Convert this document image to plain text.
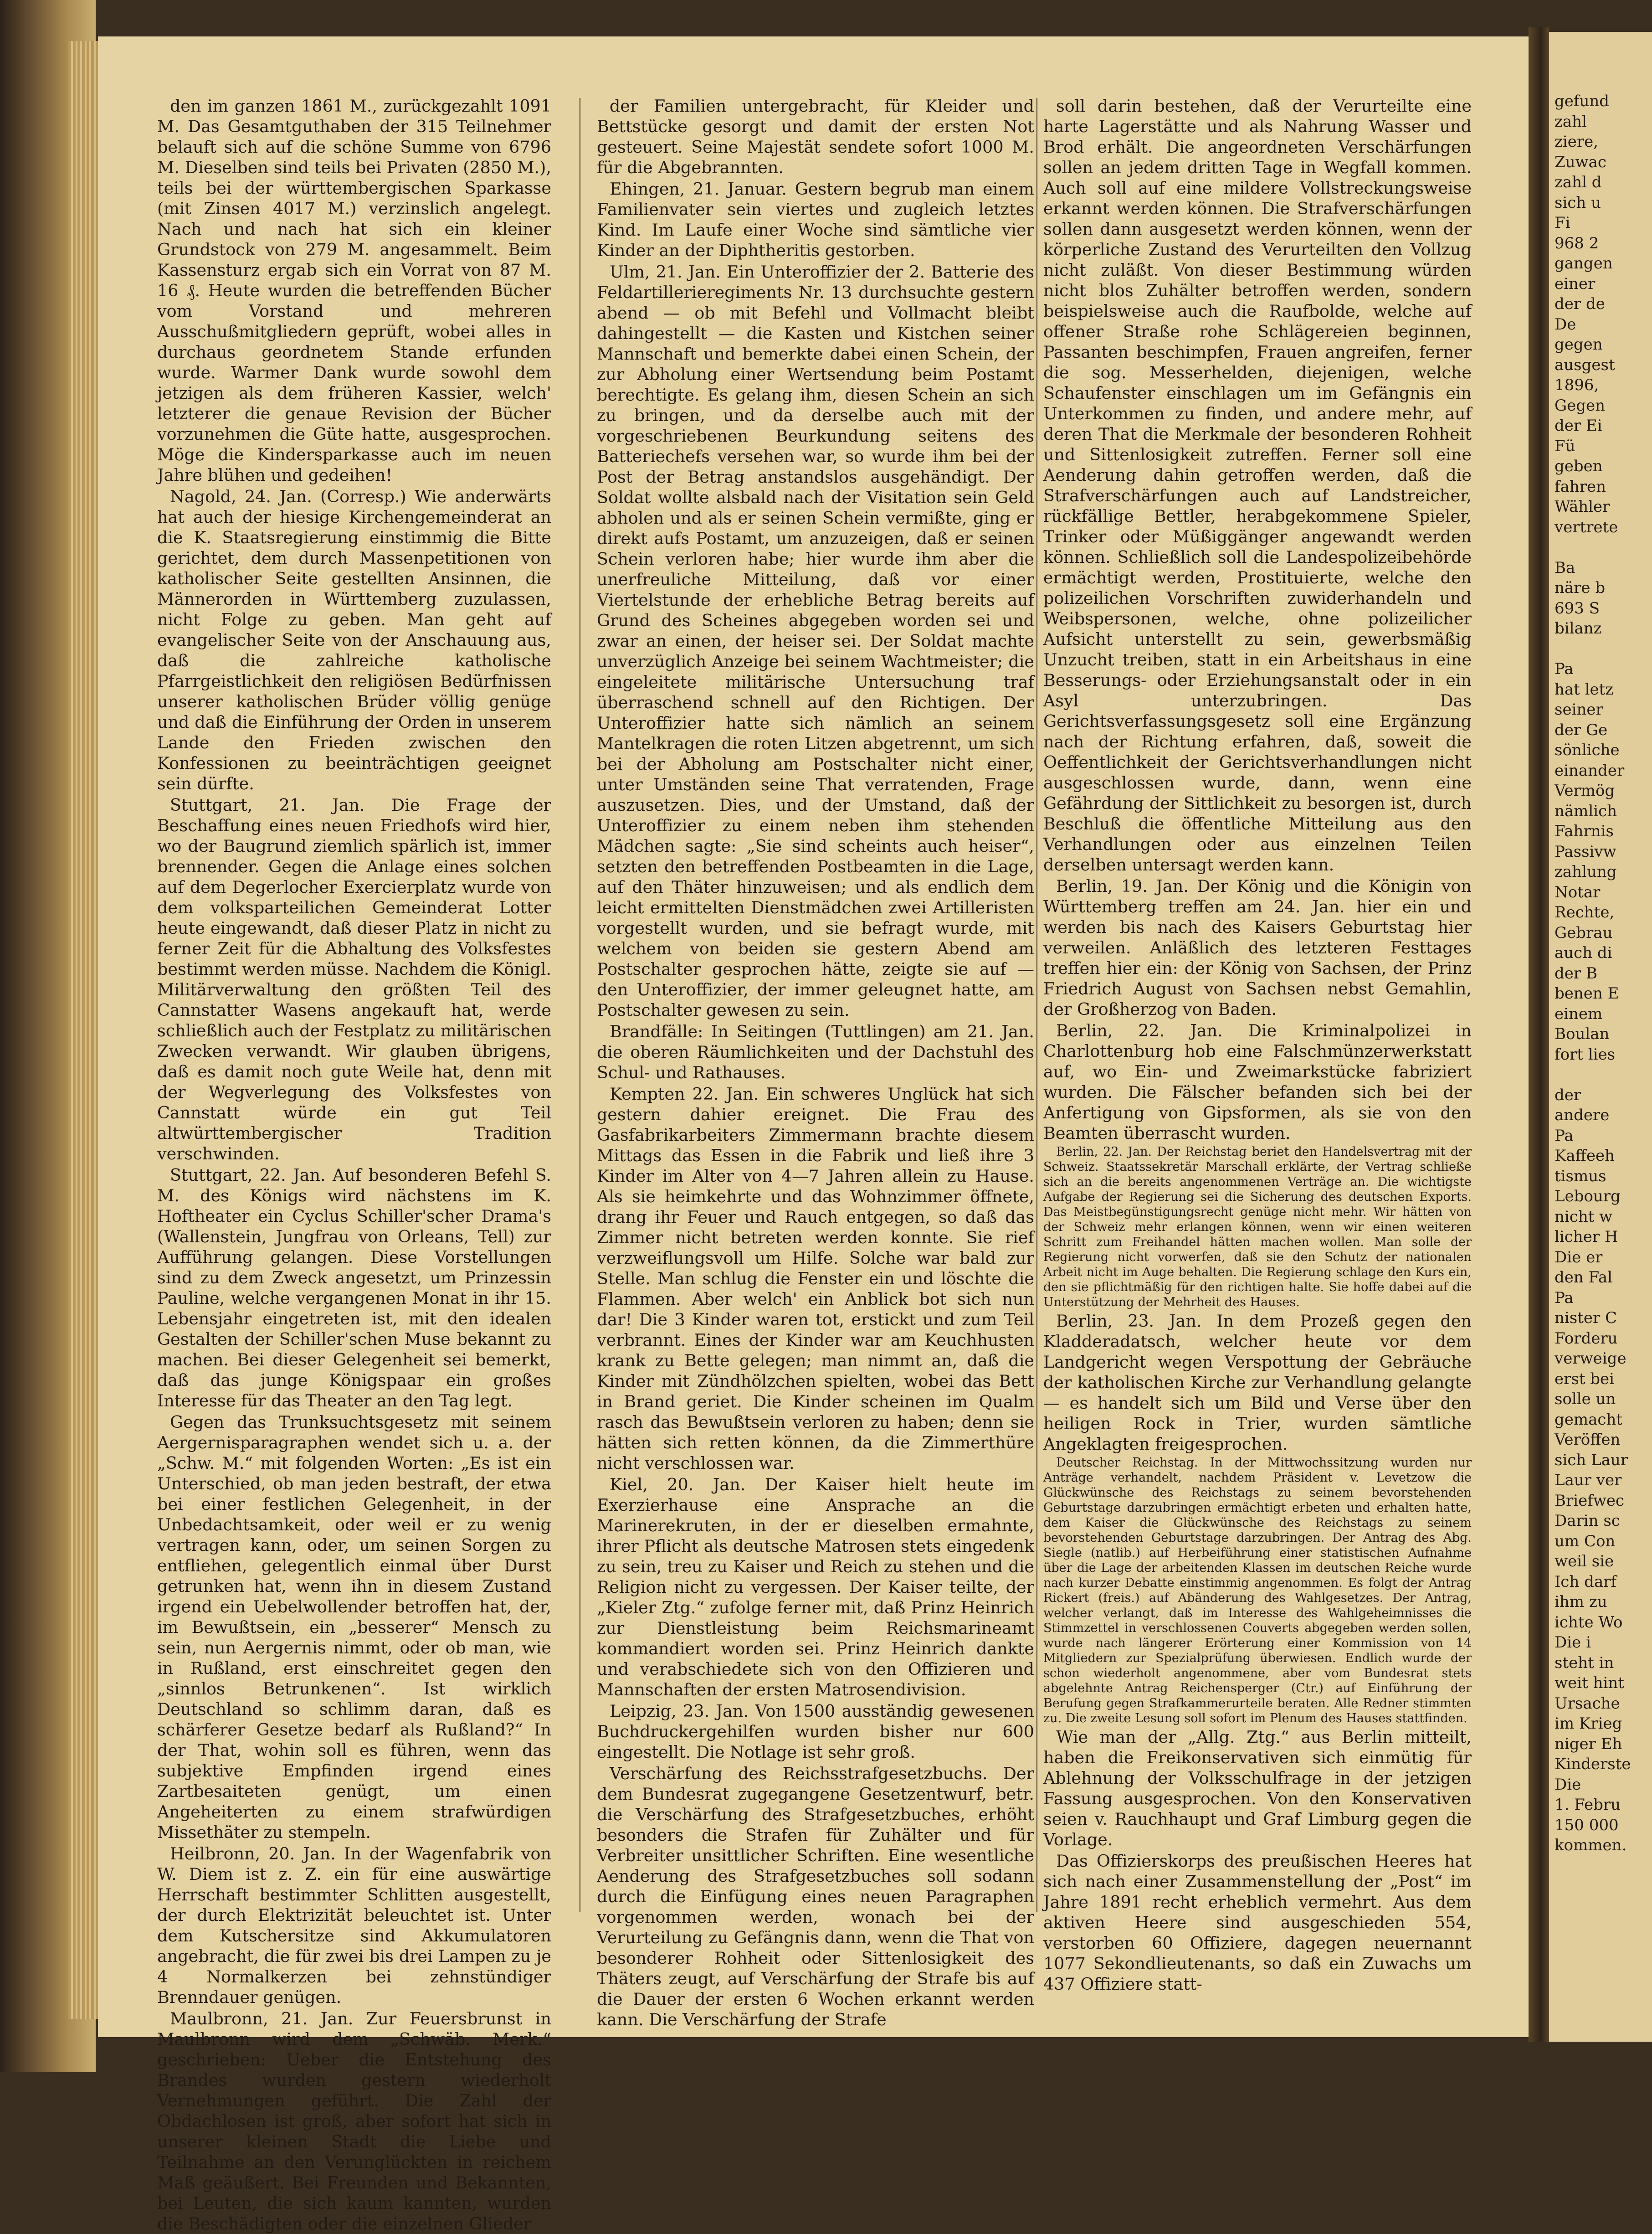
den im ganzen 1861 M., zurückgezahlt 1091 M. Das Gesamtguthaben der 315 Teilnehmer belauft sich auf die schöne Summe von 6796 M. Dieselben sind teils bei Privaten (2850 M.), teils bei der württembergischen Sparkasse (mit Zinsen 4017 M.) verzinslich angelegt. Nach und nach hat sich ein kleiner Grundstock von 279 M. angesammelt. Beim Kassensturz ergab sich ein Vorrat von 87 M. 16 ₰. Heute wurden die betreffenden Bücher vom Vorstand und mehreren Ausschußmitgliedern geprüft, wobei alles in durchaus geordnetem Stande erfunden wurde. Warmer Dank wurde sowohl dem jetzigen als dem früheren Kassier, welch' letzterer die genaue Revision der Bücher vorzunehmen die Güte hatte, ausgesprochen. Möge die Kindersparkasse auch im neuen Jahre blühen und gedeihen!

Nagold, 24. Jan. (Corresp.) Wie anderwärts hat auch der hiesige Kirchengemeinderat an die K. Staatsregierung einstimmig die Bitte gerichtet, dem durch Massenpetitionen von katholischer Seite gestellten Ansinnen, die Männerorden in Württemberg zuzulassen, nicht Folge zu geben. Man geht auf evangelischer Seite von der Anschauung aus, daß die zahlreiche katholische Pfarrgeistlichkeit den religiösen Bedürfnissen unserer katholischen Brüder völlig genüge und daß die Einführung der Orden in unserem Lande den Frieden zwischen den Konfessionen zu beeinträchtigen geeignet sein dürfte.

Stuttgart, 21. Jan. Die Frage der Beschaffung eines neuen Friedhofs wird hier, wo der Baugrund ziemlich spärlich ist, immer brennender. Gegen die Anlage eines solchen auf dem Degerlocher Exercierplatz wurde von dem volksparteilichen Gemeinderat Lotter heute eingewandt, daß dieser Platz in nicht zu ferner Zeit für die Abhaltung des Volksfestes bestimmt werden müsse. Nachdem die Königl. Militärverwaltung den größten Teil des Cannstatter Wasens angekauft hat, werde schließlich auch der Festplatz zu militärischen Zwecken verwandt. Wir glauben übrigens, daß es damit noch gute Weile hat, denn mit der Wegverlegung des Volksfestes von Cannstatt würde ein gut Teil altwürttembergischer Tradition verschwinden.

Stuttgart, 22. Jan. Auf besonderen Befehl S. M. des Königs wird nächstens im K. Hoftheater ein Cyclus Schiller'scher Drama's (Wallenstein, Jungfrau von Orleans, Tell) zur Aufführung gelangen. Diese Vorstellungen sind zu dem Zweck angesetzt, um Prinzessin Pauline, welche vergangenen Monat in ihr 15. Lebensjahr eingetreten ist, mit den idealen Gestalten der Schiller'schen Muse bekannt zu machen. Bei dieser Gelegenheit sei bemerkt, daß das junge Königspaar ein großes Interesse für das Theater an den Tag legt.

Gegen das Trunksuchtsgesetz mit seinem Aergernisparagraphen wendet sich u. a. der „Schw. M.“ mit folgenden Worten: „Es ist ein Unterschied, ob man jeden bestraft, der etwa bei einer festlichen Gelegenheit, in der Unbedachtsamkeit, oder weil er zu wenig vertragen kann, oder, um seinen Sorgen zu entfliehen, gelegentlich einmal über Durst getrunken hat, wenn ihn in diesem Zustand irgend ein Uebelwollender betroffen hat, der, im Bewußtsein, ein „besserer“ Mensch zu sein, nun Aergernis nimmt, oder ob man, wie in Rußland, erst einschreitet gegen den „sinnlos Betrunkenen“. Ist wirklich Deutschland so schlimm daran, daß es schärferer Gesetze bedarf als Rußland?“ In der That, wohin soll es führen, wenn das subjektive Empfinden irgend eines Zartbesaiteten genügt, um einen Angeheiterten zu einem strafwürdigen Missethäter zu stempeln.

Heilbronn, 20. Jan. In der Wagenfabrik von W. Diem ist z. Z. ein für eine auswärtige Herrschaft bestimmter Schlitten ausgestellt, der durch Elektrizität beleuchtet ist. Unter dem Kutschersitze sind Akkumulatoren angebracht, die für zwei bis drei Lampen zu je 4 Normalkerzen bei zehnstündiger Brenndauer genügen.

Maulbronn, 21. Jan. Zur Feuersbrunst in Maulbronn wird dem „Schwäb. Merk.“ geschrieben: Ueber die Entstehung des Brandes wurden gestern wiederholt Vernehmungen geführt. Die Zahl der Obdachlosen ist groß, aber sofort hat sich in unserer kleinen Stadt die Liebe und Teilnahme an den Verunglückten in reichem Maß geäußert. Bei Freunden und Bekannten, bei Leuten, die sich kaum kannten, wurden die Beschädigten oder die einzelnen Glieder

der Familien untergebracht, für Kleider und Bettstücke gesorgt und damit der ersten Not gesteuert. Seine Majestät sendete sofort 1000 M. für die Abgebrannten.

Ehingen, 21. Januar. Gestern begrub man einem Familienvater sein viertes und zugleich letztes Kind. Im Laufe einer Woche sind sämtliche vier Kinder an der Diphtheritis gestorben.

Ulm, 21. Jan. Ein Unteroffizier der 2. Batterie des Feldartillerieregiments Nr. 13 durchsuchte gestern abend — ob mit Befehl und Vollmacht bleibt dahingestellt — die Kasten und Kistchen seiner Mannschaft und bemerkte dabei einen Schein, der zur Abholung einer Wertsendung beim Postamt berechtigte. Es gelang ihm, diesen Schein an sich zu bringen, und da derselbe auch mit der vorgeschriebenen Beurkundung seitens des Batteriechefs versehen war, so wurde ihm bei der Post der Betrag anstandslos ausgehändigt. Der Soldat wollte alsbald nach der Visitation sein Geld abholen und als er seinen Schein vermißte, ging er direkt aufs Postamt, um anzuzeigen, daß er seinen Schein verloren habe; hier wurde ihm aber die unerfreuliche Mitteilung, daß vor einer Viertelstunde der erhebliche Betrag bereits auf Grund des Scheines abgegeben worden sei und zwar an einen, der heiser sei. Der Soldat machte unverzüglich Anzeige bei seinem Wachtmeister; die eingeleitete militärische Untersuchung traf überraschend schnell auf den Richtigen. Der Unteroffizier hatte sich nämlich an seinem Mantelkragen die roten Litzen abgetrennt, um sich bei der Abholung am Postschalter nicht einer, unter Umständen seine That verratenden, Frage auszusetzen. Dies, und der Umstand, daß der Unteroffizier zu einem neben ihm stehenden Mädchen sagte: „Sie sind scheints auch heiser“, setzten den betreffenden Postbeamten in die Lage, auf den Thäter hinzuweisen; und als endlich dem leicht ermittelten Dienstmädchen zwei Artilleristen vorgestellt wurden, und sie befragt wurde, mit welchem von beiden sie gestern Abend am Postschalter gesprochen hätte, zeigte sie auf — den Unteroffizier, der immer geleugnet hatte, am Postschalter gewesen zu sein.

Brandfälle: In Seitingen (Tuttlingen) am 21. Jan. die oberen Räumlichkeiten und der Dachstuhl des Schul- und Rathauses.

Kempten 22. Jan. Ein schweres Unglück hat sich gestern dahier ereignet. Die Frau des Gasfabrikarbeiters Zimmermann brachte diesem Mittags das Essen in die Fabrik und ließ ihre 3 Kinder im Alter von 4—7 Jahren allein zu Hause. Als sie heimkehrte und das Wohnzimmer öffnete, drang ihr Feuer und Rauch entgegen, so daß das Zimmer nicht betreten werden konnte. Sie rief verzweiflungsvoll um Hilfe. Solche war bald zur Stelle. Man schlug die Fenster ein und löschte die Flammen. Aber welch' ein Anblick bot sich nun dar! Die 3 Kinder waren tot, erstickt und zum Teil verbrannt. Eines der Kinder war am Keuchhusten krank zu Bette gelegen; man nimmt an, daß die Kinder mit Zündhölzchen spielten, wobei das Bett in Brand geriet. Die Kinder scheinen im Qualm rasch das Bewußtsein verloren zu haben; denn sie hätten sich retten können, da die Zimmerthüre nicht verschlossen war.

Kiel, 20. Jan. Der Kaiser hielt heute im Exerzierhause eine Ansprache an die Marinerekruten, in der er dieselben ermahnte, ihrer Pflicht als deutsche Matrosen stets eingedenk zu sein, treu zu Kaiser und Reich zu stehen und die Religion nicht zu vergessen. Der Kaiser teilte, der „Kieler Ztg.“ zufolge ferner mit, daß Prinz Heinrich zur Dienstleistung beim Reichsmarineamt kommandiert worden sei. Prinz Heinrich dankte und verabschiedete sich von den Offizieren und Mannschaften der ersten Matrosendivision.

Leipzig, 23. Jan. Von 1500 ausständig gewesenen Buchdruckergehilfen wurden bisher nur 600 eingestellt. Die Notlage ist sehr groß.

Verschärfung des Reichsstrafgesetzbuchs. Der dem Bundesrat zugegangene Gesetzentwurf, betr. die Verschärfung des Strafgesetzbuches, erhöht besonders die Strafen für Zuhälter und für Verbreiter unsittlicher Schriften. Eine wesentliche Aenderung des Strafgesetzbuches soll sodann durch die Einfügung eines neuen Paragraphen vorgenommen werden, wonach bei der Verurteilung zu Gefängnis dann, wenn die That von besonderer Rohheit oder Sittenlosigkeit des Thäters zeugt, auf Verschärfung der Strafe bis auf die Dauer der ersten 6 Wochen erkannt werden kann. Die Verschärfung der Strafe

soll darin bestehen, daß der Verurteilte eine harte Lagerstätte und als Nahrung Wasser und Brod erhält. Die angeordneten Verschärfungen sollen an jedem dritten Tage in Wegfall kommen. Auch soll auf eine mildere Vollstreckungsweise erkannt werden können. Die Strafverschärfungen sollen dann ausgesetzt werden können, wenn der körperliche Zustand des Verurteilten den Vollzug nicht zuläßt. Von dieser Bestimmung würden nicht blos Zuhälter betroffen werden, sondern beispielsweise auch die Raufbolde, welche auf offener Straße rohe Schlägereien beginnen, Passanten beschimpfen, Frauen angreifen, ferner die sog. Messerhelden, diejenigen, welche Schaufenster einschlagen um im Gefängnis ein Unterkommen zu finden, und andere mehr, auf deren That die Merkmale der besonderen Rohheit und Sittenlosigkeit zutreffen. Ferner soll eine Aenderung dahin getroffen werden, daß die Strafverschärfungen auch auf Landstreicher, rückfällige Bettler, herabgekommene Spieler, Trinker oder Müßiggänger angewandt werden können. Schließlich soll die Landespolizeibehörde ermächtigt werden, Prostituierte, welche den polizeilichen Vorschriften zuwiderhandeln und Weibspersonen, welche, ohne polizeilicher Aufsicht unterstellt zu sein, gewerbsmäßig Unzucht treiben, statt in ein Arbeitshaus in eine Besserungs- oder Erziehungsanstalt oder in ein Asyl unterzubringen. Das Gerichtsverfassungsgesetz soll eine Ergänzung nach der Richtung erfahren, daß, soweit die Oeffentlichkeit der Gerichtsverhandlungen nicht ausgeschlossen wurde, dann, wenn eine Gefährdung der Sittlichkeit zu besorgen ist, durch Beschluß die öffentliche Mitteilung aus den Verhandlungen oder aus einzelnen Teilen derselben untersagt werden kann.

Berlin, 19. Jan. Der König und die Königin von Württemberg treffen am 24. Jan. hier ein und werden bis nach des Kaisers Geburtstag hier verweilen. Anläßlich des letzteren Festtages treffen hier ein: der König von Sachsen, der Prinz Friedrich August von Sachsen nebst Gemahlin, der Großherzog von Baden.

Berlin, 22. Jan. Die Kriminalpolizei in Charlottenburg hob eine Falschmünzerwerkstatt auf, wo Ein- und Zweimarkstücke fabriziert wurden. Die Fälscher befanden sich bei der Anfertigung von Gipsformen, als sie von den Beamten überrascht wurden.

Berlin, 22. Jan. Der Reichstag beriet den Handelsvertrag mit der Schweiz. Staatssekretär Marschall erklärte, der Vertrag schließe sich an die bereits angenommenen Verträge an. Die wichtigste Aufgabe der Regierung sei die Sicherung des deutschen Exports. Das Meistbegünstigungsrecht genüge nicht mehr. Wir hätten von der Schweiz mehr erlangen können, wenn wir einen weiteren Schritt zum Freihandel hätten machen wollen. Man solle der Regierung nicht vorwerfen, daß sie den Schutz der nationalen Arbeit nicht im Auge behalten. Die Regierung schlage den Kurs ein, den sie pflichtmäßig für den richtigen halte. Sie hoffe dabei auf die Unterstützung der Mehrheit des Hauses.

Berlin, 23. Jan. In dem Prozeß gegen den Kladderadatsch, welcher heute vor dem Landgericht wegen Verspottung der Gebräuche der katholischen Kirche zur Verhandlung gelangte — es handelt sich um Bild und Verse über den heiligen Rock in Trier, wurden sämtliche Angeklagten freigesprochen.

Deutscher Reichstag. In der Mittwochssitzung wurden nur Anträge verhandelt, nachdem Präsident v. Levetzow die Glückwünsche des Reichstags zu seinem bevorstehenden Geburtstage darzubringen ermächtigt erbeten und erhalten hatte, dem Kaiser die Glückwünsche des Reichstags zu seinem bevorstehenden Geburtstage darzubringen. Der Antrag des Abg. Siegle (natlib.) auf Herbeiführung einer statistischen Aufnahme über die Lage der arbeitenden Klassen im deutschen Reiche wurde nach kurzer Debatte einstimmig angenommen. Es folgt der Antrag Rickert (freis.) auf Abänderung des Wahlgesetzes. Der Antrag, welcher verlangt, daß im Interesse des Wahlgeheimnisses die Stimmzettel in verschlossenen Couverts abgegeben werden sollen, wurde nach längerer Erörterung einer Kommission von 14 Mitgliedern zur Spezialprüfung überwiesen. Endlich wurde der schon wiederholt angenommene, aber vom Bundesrat stets abgelehnte Antrag Reichensperger (Ctr.) auf Einführung der Berufung gegen Strafkammerurteile beraten. Alle Redner stimmten zu. Die zweite Lesung soll sofort im Plenum des Hauses stattfinden.

Wie man der „Allg. Ztg.“ aus Berlin mitteilt, haben die Freikonservativen sich einmütig für Ablehnung der Volksschulfrage in der jetzigen Fassung ausgesprochen. Von den Konservativen seien v. Rauchhaupt und Graf Limburg gegen die Vorlage.

Das Offizierskorps des preußischen Heeres hat sich nach einer Zusammenstellung der „Post“ im Jahre 1891 recht erheblich vermehrt. Aus dem aktiven Heere sind ausgeschieden 554, verstorben 60 Offiziere, dagegen neuernannt 1077 Sekondlieutenants, so daß ein Zuwachs um 437 Offiziere statt-

gefund
zahl
ziere,
Zuwac
zahl d
sich u
Fi
968 2
gangen
einer
der de
De
gegen
ausgest
1896,
Gegen
der Ei
Fü
geben
fahren
Wähler
vertrete
Ba
näre b
693 S
bilanz
Pa
hat letz
seiner
der Ge
sönliche
einander
Vermög
nämlich
Fahrnis
Passivw
zahlung
Notar
Rechte,
Gebrau
auch di
der B
benen E
einem
Boulan
fort lies
der
andere
Pa
Kaffeeh
tismus
Lebourg
nicht w
licher H
Die er
den Fal
Pa
nister C
Forderu
verweige
erst bei
solle un
gemacht
Veröffen
sich Laur
Laur ver
Briefwec
Darin sc
um Con
weil sie
Ich darf
ihm zu
ichte Wo
Die i
steht in
weit hint
Ursache
im Krieg
niger Eh
Kinderste
Die
1. Febru
150 000
kommen.
